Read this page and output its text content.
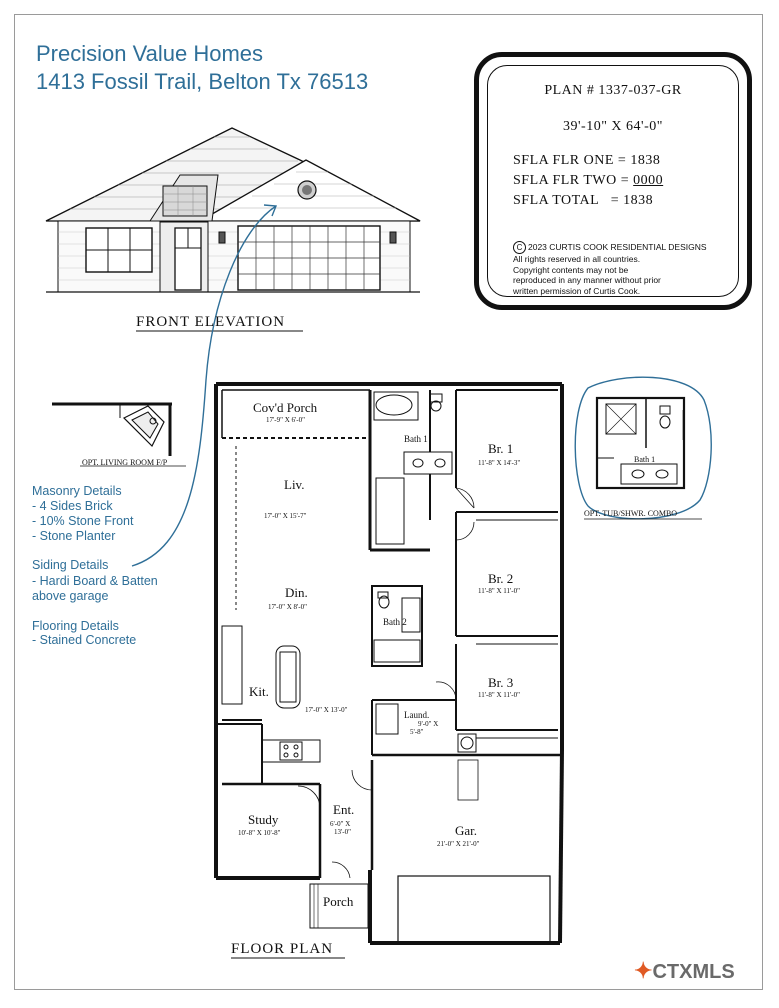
Precision Value Homes
1413 Fossil Trail, Belton Tx 76513	PLAN # 1337-037-GR
39'-10" X 64'-0"
SFLA FLR ONE = 1838
SFLA FLR TWO = 0000
SFLA TOTAL = 1838
C 2023 CURTIS COOK RESIDENTIAL DESIGNS
All rights reserved in all countries.
Copyright contents may not be
reproduced in any manner without prior
written permission of Curtis Cook.
FRONT ELEVATION
FLOOR PLAN
OPT. LIVING ROOM F/P
OPT. TUB/SHWR. COMBO
Masonry Details
- 4 Sides Brick
- 10% Stone Front
- Stone Planter
Siding Details
- Hardi Board & Batten
above garage
Flooring Details
- Stained Concrete
Cov'd Porch
17'-9" X 6'-0"
Bath 1
Br. 1
11'-8" X 14'-3"
Liv.
17'-0" X 15'-7"
Br. 2
11'-8" X 11'-0"
Din.
17'-0" X 8'-0"
Bath 2
Br. 3
11'-8" X 11'-0"
Kit.
17'-0" X 13'-0"	Laund.
9'-0" X
5'-8"
Study
10'-8" X 10'-8"
Ent.
6'-0" X
13'-0"	Gar.
21'-0" X 21'-0"
Porch
Bath 1
✦CTXMLS
